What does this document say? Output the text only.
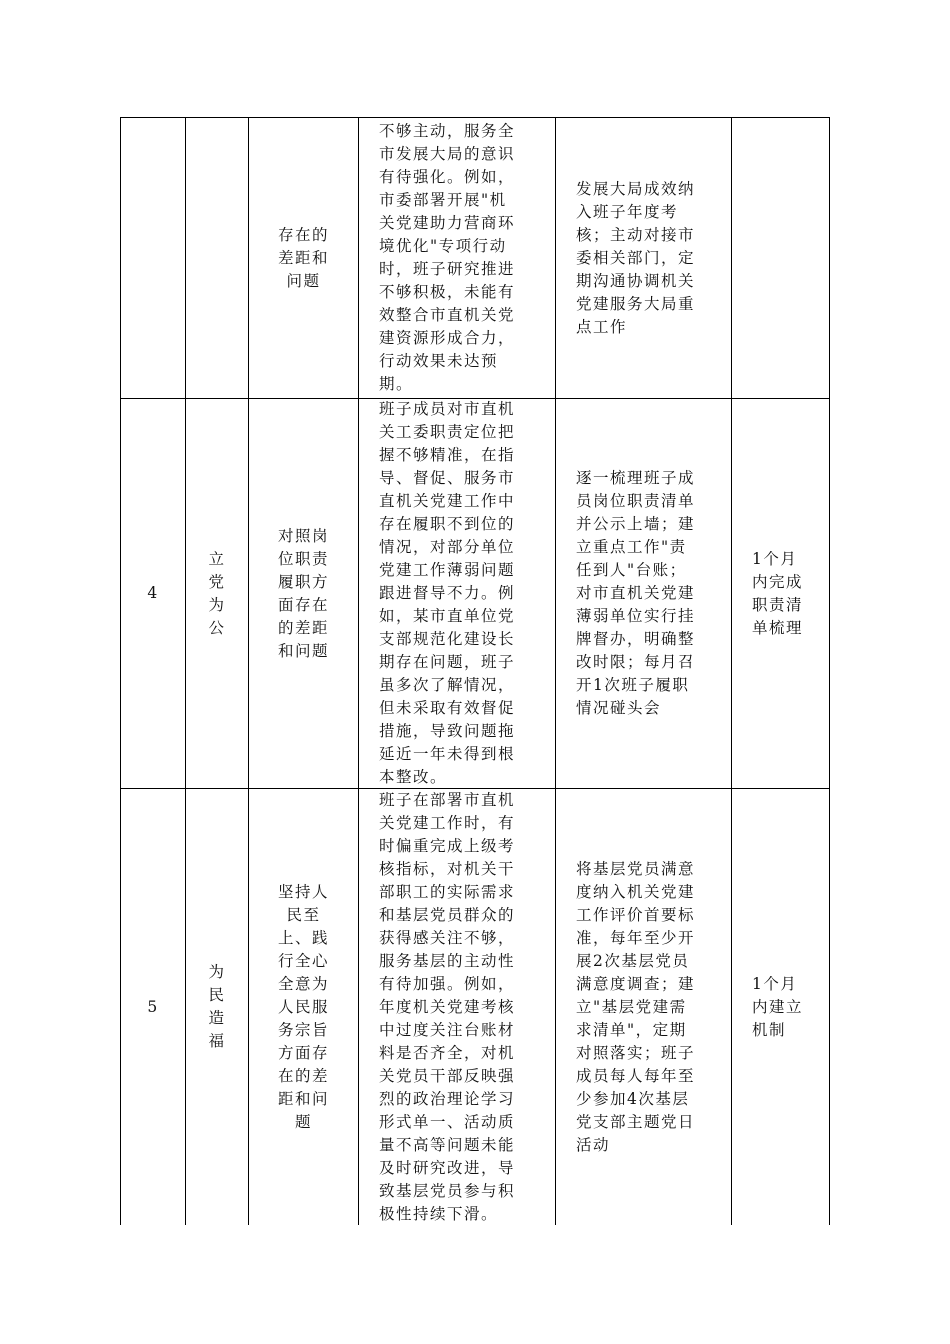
存在的
差距和
问题
不够主动，服务全
市发展大局的意识
有待强化。例如，
市委部署开展"机
关党建助力营商环
境优化"专项行动
时，班子研究推进
不够积极，未能有
效整合市直机关党
建资源形成合力，
行动效果未达预
期。
发展大局成效纳
入班子年度考
核；主动对接市
委相关部门，定
期沟通协调机关
党建服务大局重
点工作
4
立
党
为
公
对照岗
位职责
履职方
面存在
的差距
和问题
班子成员对市直机
关工委职责定位把
握不够精准，在指
导、督促、服务市
直机关党建工作中
存在履职不到位的
情况，对部分单位
党建工作薄弱问题
跟进督导不力。例
如，某市直单位党
支部规范化建设长
期存在问题，班子
虽多次了解情况，
但未采取有效督促
措施，导致问题拖
延近一年未得到根
本整改。
逐一梳理班子成
员岗位职责清单
并公示上墙；建
立重点工作"责
任到人"台账；
对市直机关党建
薄弱单位实行挂
牌督办，明确整
改时限；每月召
开1次班子履职
情况碰头会
1个月
内完成
职责清
单梳理
5
为
民
造
福
坚持人
民至
上、践
行全心
全意为
人民服
务宗旨
方面存
在的差
距和问
题
班子在部署市直机
关党建工作时，有
时偏重完成上级考
核指标，对机关干
部职工的实际需求
和基层党员群众的
获得感关注不够，
服务基层的主动性
有待加强。例如，
年度机关党建考核
中过度关注台账材
料是否齐全，对机
关党员干部反映强
烈的政治理论学习
形式单一、活动质
量不高等问题未能
及时研究改进，导
致基层党员参与积
极性持续下滑。
将基层党员满意
度纳入机关党建
工作评价首要标
准，每年至少开
展2次基层党员
满意度调查；建
立"基层党建需
求清单"，定期
对照落实；班子
成员每人每年至
少参加4次基层
党支部主题党日
活动
1个月
内建立
机制
